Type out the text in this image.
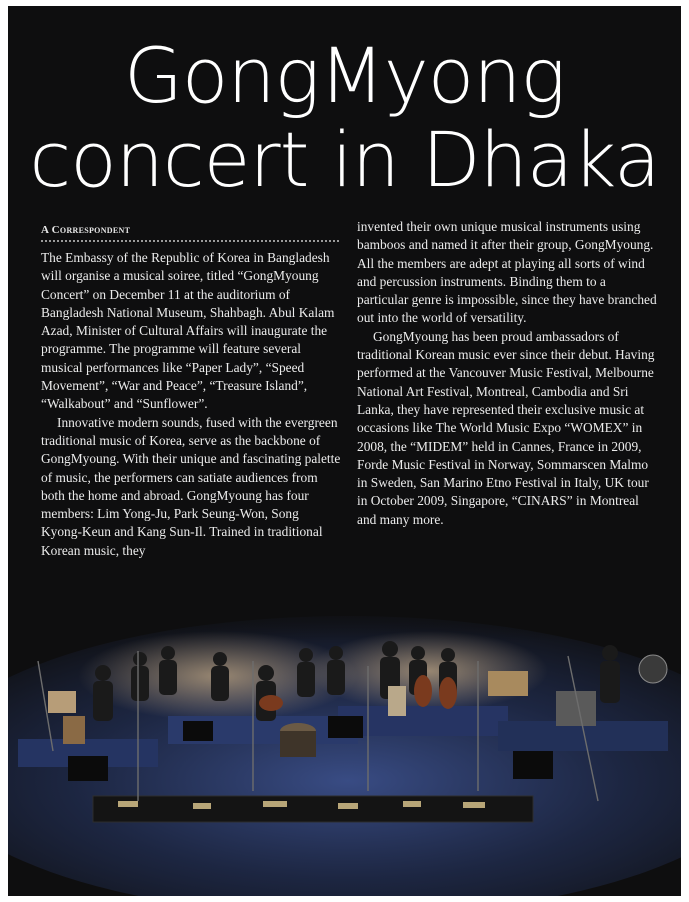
GongMyong
concert in Dhaka
A Correspondent

The Embassy of the Republic of Korea in Bangladesh will organise a musical soiree, titled “GongMyoung Concert” on December 11 at the auditorium of Bangladesh National Museum, Shahbagh. Abul Kalam Azad, Minister of Cultural Affairs will inaugurate the programme. The programme will feature several musical performances like “Paper Lady”, “Speed Movement”, “War and Peace”, “Treasure Island”, “Walkabout” and “Sunflower”.

Innovative modern sounds, fused with the evergreen traditional music of Korea, serve as the backbone of GongMyoung. With their unique and fascinating palette of music, the performers can satiate audiences from both the home and abroad. GongMyoung has four members: Lim Yong-Ju, Park Seung-Won, Song Kyong-Keun and Kang Sun-Il. Trained in traditional Korean music, they

invented their own unique musical instruments using bamboos and named it after their group, GongMyoung. All the members are adept at playing all sorts of wind and percussion instruments. Binding them to a particular genre is impossible, since they have branched out into the world of versatility.

GongMyoung has been proud ambassadors of traditional Korean music ever since their debut. Having performed at the Vancouver Music Festival, Melbourne National Art Festival, Montreal, Cambodia and Sri Lanka, they have represented their exclusive music at occasions like The World Music Expo “WOMEX” in 2008, the “MIDEM” held in Cannes, France in 2009, Forde Music Festival in Norway, Sommarscen Malmo in Sweden, San Marino Etno Festival in Italy, UK tour in October 2009, Singapore, “CINARS” in Montreal and many more.
